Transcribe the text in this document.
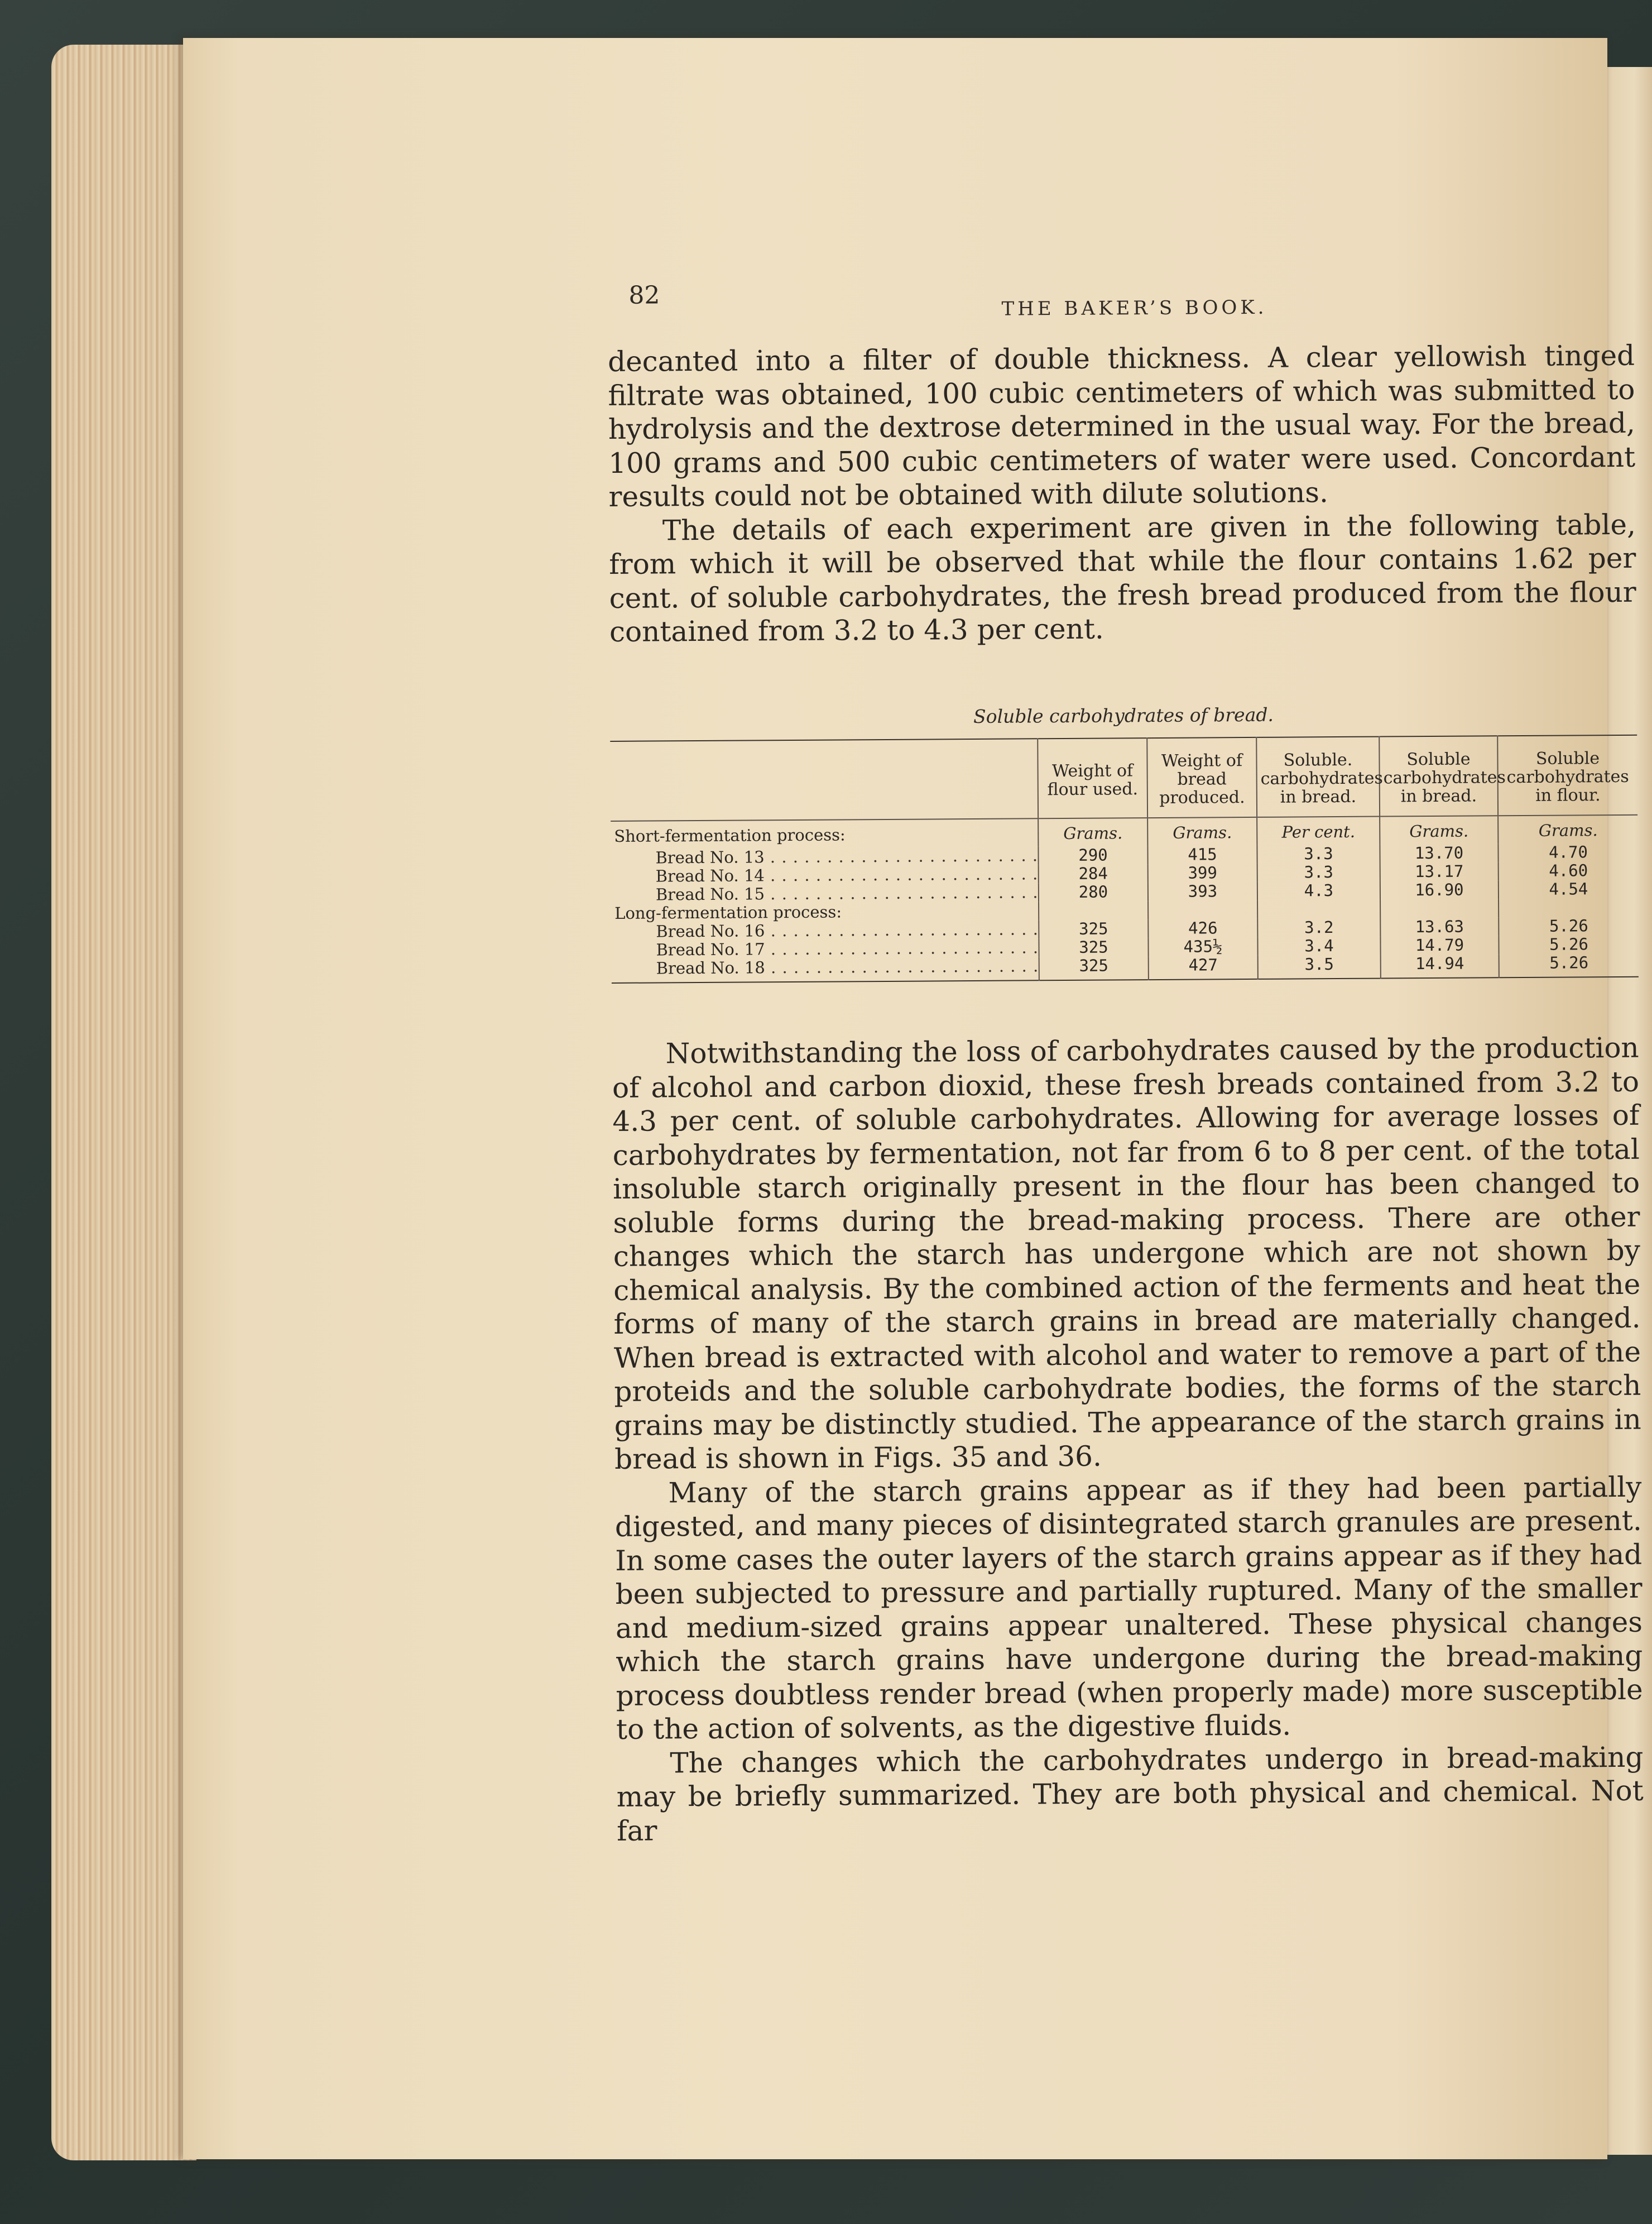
82	THE BAKER’S BOOK.

decanted into a filter of double thickness. A clear yellowish tinged filtrate was obtained, 100 cubic centimeters of which was submitted to hydrolysis and the dextrose determined in the usual way. For the bread, 100 grams and 500 cubic centimeters of water were used. Concordant results could not be obtained with dilute solutions.

The details of each experiment are given in the following table, from which it will be observed that while the flour contains 1.62 per cent. of soluble carbohydrates, the fresh bread produced from the flour contained from 3.2 to 4.3 per cent.

Soluble carbohydrates of bread.

	Weight of flour used.	Weight of bread produced.	Soluble. carbohydrates in bread.	Soluble carbohydrates in bread.	Soluble carbohydrates in flour.
Short-fermentation process:	Grams.	Grams.	Per cent.	Grams.	Grams.
Bread No. 13 . . .	290	415	3.3	13.70	4.70
Bread No. 14 . . .	284	399	3.3	13.17	4.60
Bread No. 15 . . .	280	393	4.3	16.90	4.54
Long-fermentation process:					
Bread No. 16 . . .	325	426	3.2	13.63	5.26
Bread No. 17 . . .	325	435½	3.4	14.79	5.26
Bread No. 18 . . .	325	427	3.5	14.94	5.26

Notwithstanding the loss of carbohydrates caused by the production of alcohol and carbon dioxid, these fresh breads contained from 3.2 to 4.3 per cent. of soluble carbohydrates. Allowing for average losses of carbohydrates by fermentation, not far from 6 to 8 per cent. of the total insoluble starch originally present in the flour has been changed to soluble forms during the bread-making process. There are other changes which the starch has undergone which are not shown by chemical analysis. By the combined action of the ferments and heat the forms of many of the starch grains in bread are materially changed. When bread is extracted with alcohol and water to remove a part of the proteids and the soluble carbohydrate bodies, the forms of the starch grains may be distinctly studied. The appearance of the starch grains in bread is shown in Figs. 35 and 36.

Many of the starch grains appear as if they had been partially digested, and many pieces of disintegrated starch granules are present. In some cases the outer layers of the starch grains appear as if they had been subjected to pressure and partially ruptured. Many of the smaller and medium-sized grains appear unaltered. These physical changes which the starch grains have undergone during the bread-making process doubtless render bread (when properly made) more susceptible to the action of solvents, as the digestive fluids.

The changes which the carbohydrates undergo in bread-making may be briefly summarized. They are both physical and chemical. Not far
